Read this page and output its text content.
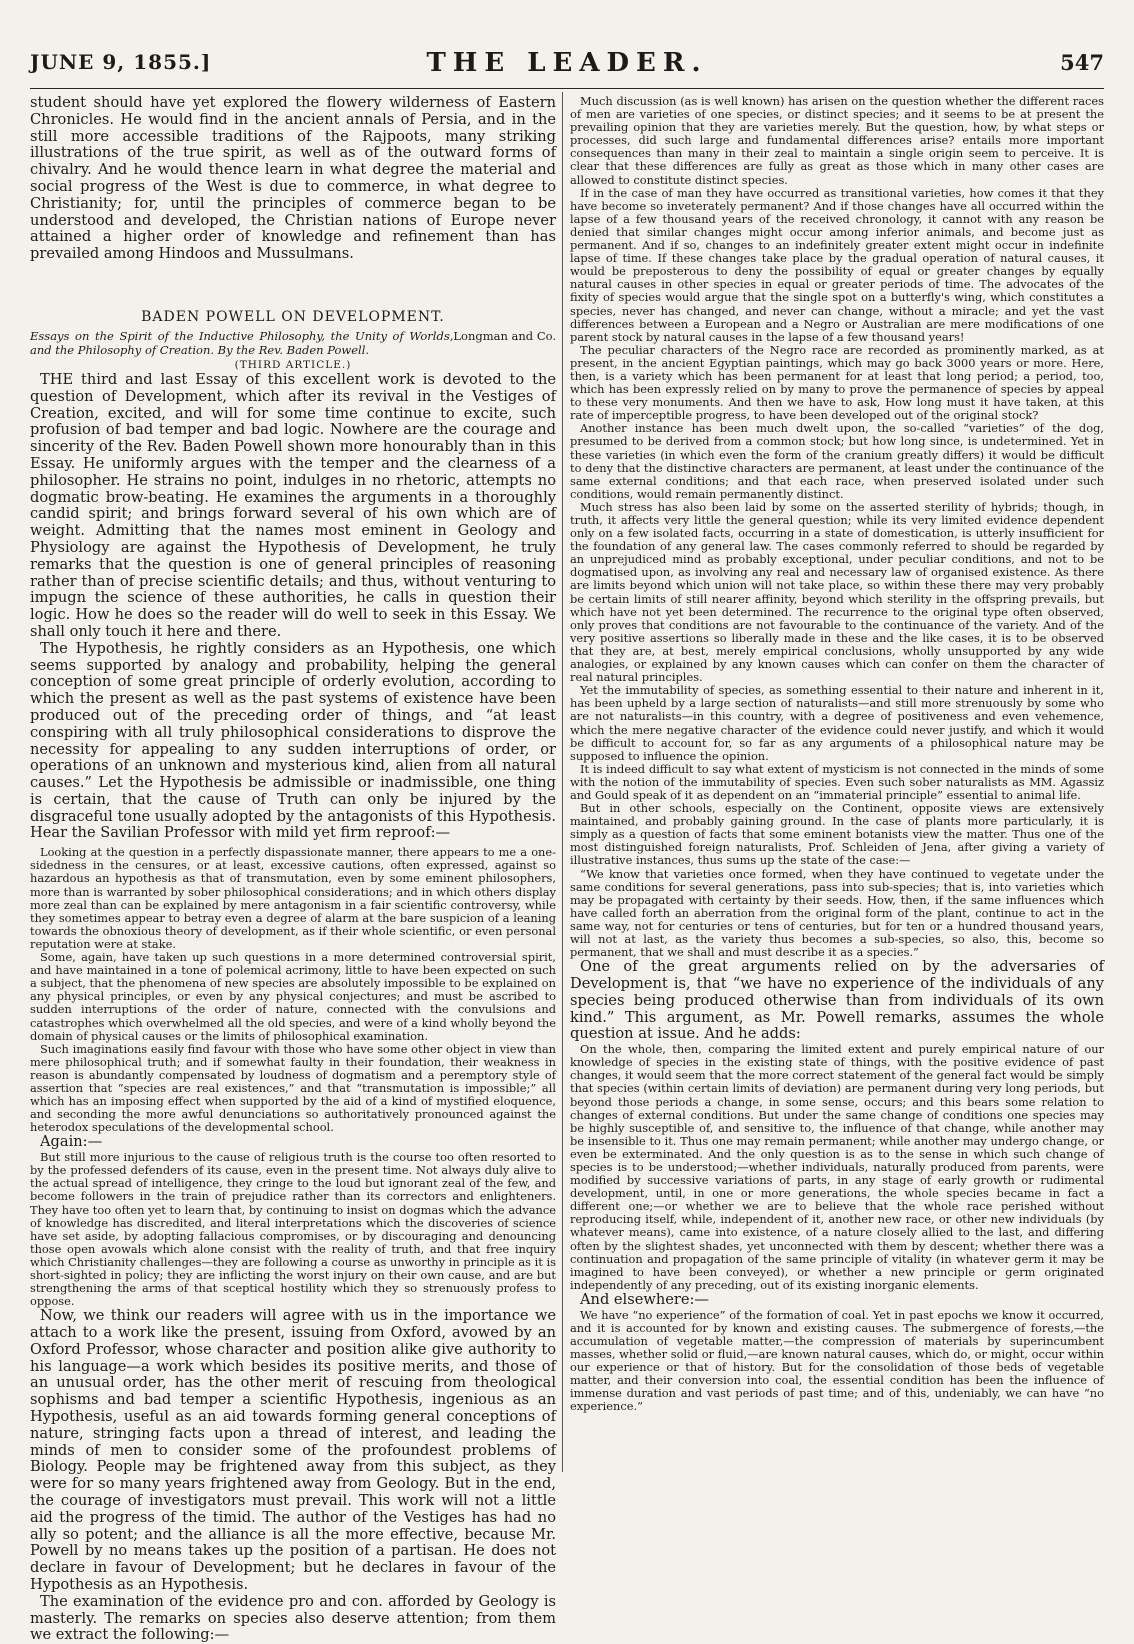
JUNE 9, 1855.]	THE LEADER.	547

student should have yet explored the flowery wilderness of Eastern Chronicles. He would find in the ancient annals of Persia, and in the still more accessible traditions of the Rajpoots, many striking illustrations of the true spirit, as well as of the outward forms of chivalry. And he would thence learn in what degree the material and social progress of the West is due to commerce, in what degree to Christianity; for, until the principles of commerce began to be understood and developed, the Christian nations of Europe never attained a higher order of knowledge and refinement than has prevailed among Hindoos and Mussulmans.

BADEN POWELL ON DEVELOPMENT.

Longman and Co.
Essays on the Spirit of the Inductive Philosophy, the Unity of Worlds, and the Philosophy of Creation. By the Rev. Baden Powell.

(THIRD ARTICLE.)

THE third and last Essay of this excellent work is devoted to the question of Development, which after its revival in the Vestiges of Creation, excited, and will for some time continue to excite, such profusion of bad temper and bad logic. Nowhere are the courage and sincerity of the Rev. Baden Powell shown more honourably than in this Essay. He uniformly argues with the temper and the clearness of a philosopher. He strains no point, indulges in no rhetoric, attempts no dogmatic brow-beating. He examines the arguments in a thoroughly candid spirit; and brings forward several of his own which are of weight. Admitting that the names most eminent in Geology and Physiology are against the Hypothesis of Development, he truly remarks that the question is one of general principles of reasoning rather than of precise scientific details; and thus, without venturing to impugn the science of these authorities, he calls in question their logic. How he does so the reader will do well to seek in this Essay. We shall only touch it here and there.

The Hypothesis, he rightly considers as an Hypothesis, one which seems supported by analogy and probability, helping the general conception of some great principle of orderly evolution, according to which the present as well as the past systems of existence have been produced out of the preceding order of things, and “at least conspiring with all truly philosophical considerations to disprove the necessity for appealing to any sudden interruptions of order, or operations of an unknown and mysterious kind, alien from all natural causes.” Let the Hypothesis be admissible or inadmissible, one thing is certain, that the cause of Truth can only be injured by the disgraceful tone usually adopted by the antagonists of this Hypothesis. Hear the Savilian Professor with mild yet firm reproof:—

Looking at the question in a perfectly dispassionate manner, there appears to me a one-sidedness in the censures, or at least, excessive cautions, often expressed, against so hazardous an hypothesis as that of transmutation, even by some eminent philosophers, more than is warranted by sober philosophical considerations; and in which others display more zeal than can be explained by mere antagonism in a fair scientific controversy, while they sometimes appear to betray even a degree of alarm at the bare suspicion of a leaning towards the obnoxious theory of development, as if their whole scientific, or even personal reputation were at stake.

Some, again, have taken up such questions in a more determined controversial spirit, and have maintained in a tone of polemical acrimony, little to have been expected on such a subject, that the phenomena of new species are absolutely impossible to be explained on any physical principles, or even by any physical conjectures; and must be ascribed to sudden interruptions of the order of nature, connected with the convulsions and catastrophes which overwhelmed all the old species, and were of a kind wholly beyond the domain of physical causes or the limits of philosophical examination.

Such imaginations easily find favour with those who have some other object in view than mere philosophical truth; and if somewhat faulty in their foundation, their weakness in reason is abundantly compensated by loudness of dogmatism and a peremptory style of assertion that “species are real existences,” and that “transmutation is impossible;” all which has an imposing effect when supported by the aid of a kind of mystified eloquence, and seconding the more awful denunciations so authoritatively pronounced against the heterodox speculations of the developmental school.

Again:—

But still more injurious to the cause of religious truth is the course too often resorted to by the professed defenders of its cause, even in the present time. Not always duly alive to the actual spread of intelligence, they cringe to the loud but ignorant zeal of the few, and become followers in the train of prejudice rather than its correctors and enlighteners. They have too often yet to learn that, by continuing to insist on dogmas which the advance of knowledge has discredited, and literal interpretations which the discoveries of science have set aside, by adopting fallacious compromises, or by discouraging and denouncing those open avowals which alone consist with the reality of truth, and that free inquiry which Christianity challenges—they are following a course as unworthy in principle as it is short-sighted in policy; they are inflicting the worst injury on their own cause, and are but strengthening the arms of that sceptical hostility which they so strenuously profess to oppose.

Now, we think our readers will agree with us in the importance we attach to a work like the present, issuing from Oxford, avowed by an Oxford Professor, whose character and position alike give authority to his language—a work which besides its positive merits, and those of an unusual order, has the other merit of rescuing from theological sophisms and bad temper a scientific Hypothesis, ingenious as an Hypothesis, useful as an aid towards forming general conceptions of nature, stringing facts upon a thread of interest, and leading the minds of men to consider some of the profoundest problems of Biology. People may be frightened away from this subject, as they were for so many years frightened away from Geology. But in the end, the courage of investigators must prevail. This work will not a little aid the progress of the timid. The author of the Vestiges has had no ally so potent; and the alliance is all the more effective, because Mr. Powell by no means takes up the position of a partisan. He does not declare in favour of Development; but he declares in favour of the Hypothesis as an Hypothesis.

The examination of the evidence pro and con. afforded by Geology is masterly. The remarks on species also deserve attention; from them we extract the following:—

Much discussion (as is well known) has arisen on the question whether the different races of men are varieties of one species, or distinct species; and it seems to be at present the prevailing opinion that they are varieties merely. But the question, how, by what steps or processes, did such large and fundamental differences arise? entails more important consequences than many in their zeal to maintain a single origin seem to perceive. It is clear that these differences are fully as great as those which in many other cases are allowed to constitute distinct species.

If in the case of man they have occurred as transitional varieties, how comes it that they have become so inveterately permanent? And if those changes have all occurred within the lapse of a few thousand years of the received chronology, it cannot with any reason be denied that similar changes might occur among inferior animals, and become just as permanent. And if so, changes to an indefinitely greater extent might occur in indefinite lapse of time. If these changes take place by the gradual operation of natural causes, it would be preposterous to deny the possibility of equal or greater changes by equally natural causes in other species in equal or greater periods of time. The advocates of the fixity of species would argue that the single spot on a butterfly's wing, which constitutes a species, never has changed, and never can change, without a miracle; and yet the vast differences between a European and a Negro or Australian are mere modifications of one parent stock by natural causes in the lapse of a few thousand years!

The peculiar characters of the Negro race are recorded as prominently marked, as at present, in the ancient Egyptian paintings, which may go back 3000 years or more. Here, then, is a variety which has been permanent for at least that long period; a period, too, which has been expressly relied on by many to prove the permanence of species by appeal to these very monuments. And then we have to ask, How long must it have taken, at this rate of imperceptible progress, to have been developed out of the original stock?

Another instance has been much dwelt upon, the so-called “varieties” of the dog, presumed to be derived from a common stock; but how long since, is undetermined. Yet in these varieties (in which even the form of the cranium greatly differs) it would be difficult to deny that the distinctive characters are permanent, at least under the continuance of the same external conditions; and that each race, when preserved isolated under such conditions, would remain permanently distinct.

Much stress has also been laid by some on the asserted sterility of hybrids; though, in truth, it affects very little the general question; while its very limited evidence dependent only on a few isolated facts, occurring in a state of domestication, is utterly insufficient for the foundation of any general law. The cases commonly referred to should be regarded by an unprejudiced mind as probably exceptional, under peculiar conditions, and not to be dogmatised upon, as involving any real and necessary law of organised existence. As there are limits beyond which union will not take place, so within these there may very probably be certain limits of still nearer affinity, beyond which sterility in the offspring prevails, but which have not yet been determined. The recurrence to the original type often observed, only proves that conditions are not favourable to the continuance of the variety. And of the very positive assertions so liberally made in these and the like cases, it is to be observed that they are, at best, merely empirical conclusions, wholly unsupported by any wide analogies, or explained by any known causes which can confer on them the character of real natural principles.

Yet the immutability of species, as something essential to their nature and inherent in it, has been upheld by a large section of naturalists—and still more strenuously by some who are not naturalists—in this country, with a degree of positiveness and even vehemence, which the mere negative character of the evidence could never justify, and which it would be difficult to account for, so far as any arguments of a philosophical nature may be supposed to influence the opinion.

It is indeed difficult to say what extent of mysticism is not connected in the minds of some with the notion of the immutability of species. Even such sober naturalists as MM. Agassiz and Gould speak of it as dependent on an “immaterial principle” essential to animal life.

But in other schools, especially on the Continent, opposite views are extensively maintained, and probably gaining ground. In the case of plants more particularly, it is simply as a question of facts that some eminent botanists view the matter. Thus one of the most distinguished foreign naturalists, Prof. Schleiden of Jena, after giving a variety of illustrative instances, thus sums up the state of the case:—

“We know that varieties once formed, when they have continued to vegetate under the same conditions for several generations, pass into sub-species; that is, into varieties which may be propagated with certainty by their seeds. How, then, if the same influences which have called forth an aberration from the original form of the plant, continue to act in the same way, not for centuries or tens of centuries, but for ten or a hundred thousand years, will not at last, as the variety thus becomes a sub-species, so also, this, become so permanent, that we shall and must describe it as a species.”

One of the great arguments relied on by the adversaries of Development is, that “we have no experience of the individuals of any species being produced otherwise than from individuals of its own kind.” This argument, as Mr. Powell remarks, assumes the whole question at issue. And he adds:

On the whole, then, comparing the limited extent and purely empirical nature of our knowledge of species in the existing state of things, with the positive evidence of past changes, it would seem that the more correct statement of the general fact would be simply that species (within certain limits of deviation) are permanent during very long periods, but beyond those periods a change, in some sense, occurs; and this bears some relation to changes of external conditions. But under the same change of conditions one species may be highly susceptible of, and sensitive to, the influence of that change, while another may be insensible to it. Thus one may remain permanent; while another may undergo change, or even be exterminated. And the only question is as to the sense in which such change of species is to be understood;—whether individuals, naturally produced from parents, were modified by successive variations of parts, in any stage of early growth or rudimental development, until, in one or more generations, the whole species became in fact a different one;—or whether we are to believe that the whole race perished without reproducing itself, while, independent of it, another new race, or other new individuals (by whatever means), came into existence, of a nature closely allied to the last, and differing often by the slightest shades, yet unconnected with them by descent; whether there was a continuation and propagation of the same principle of vitality (in whatever germ it may be imagined to have been conveyed), or whether a new principle or germ originated independently of any preceding, out of its existing inorganic elements.

And elsewhere:—

We have “no experience” of the formation of coal. Yet in past epochs we know it occurred, and it is accounted for by known and existing causes. The submergence of forests,—the accumulation of vegetable matter,—the compression of materials by superincumbent masses, whether solid or fluid,—are known natural causes, which do, or might, occur within our experience or that of history. But for the consolidation of those beds of vegetable matter, and their conversion into coal, the essential condition has been the influence of immense duration and vast periods of past time; and of this, undeniably, we can have “no experience.”
